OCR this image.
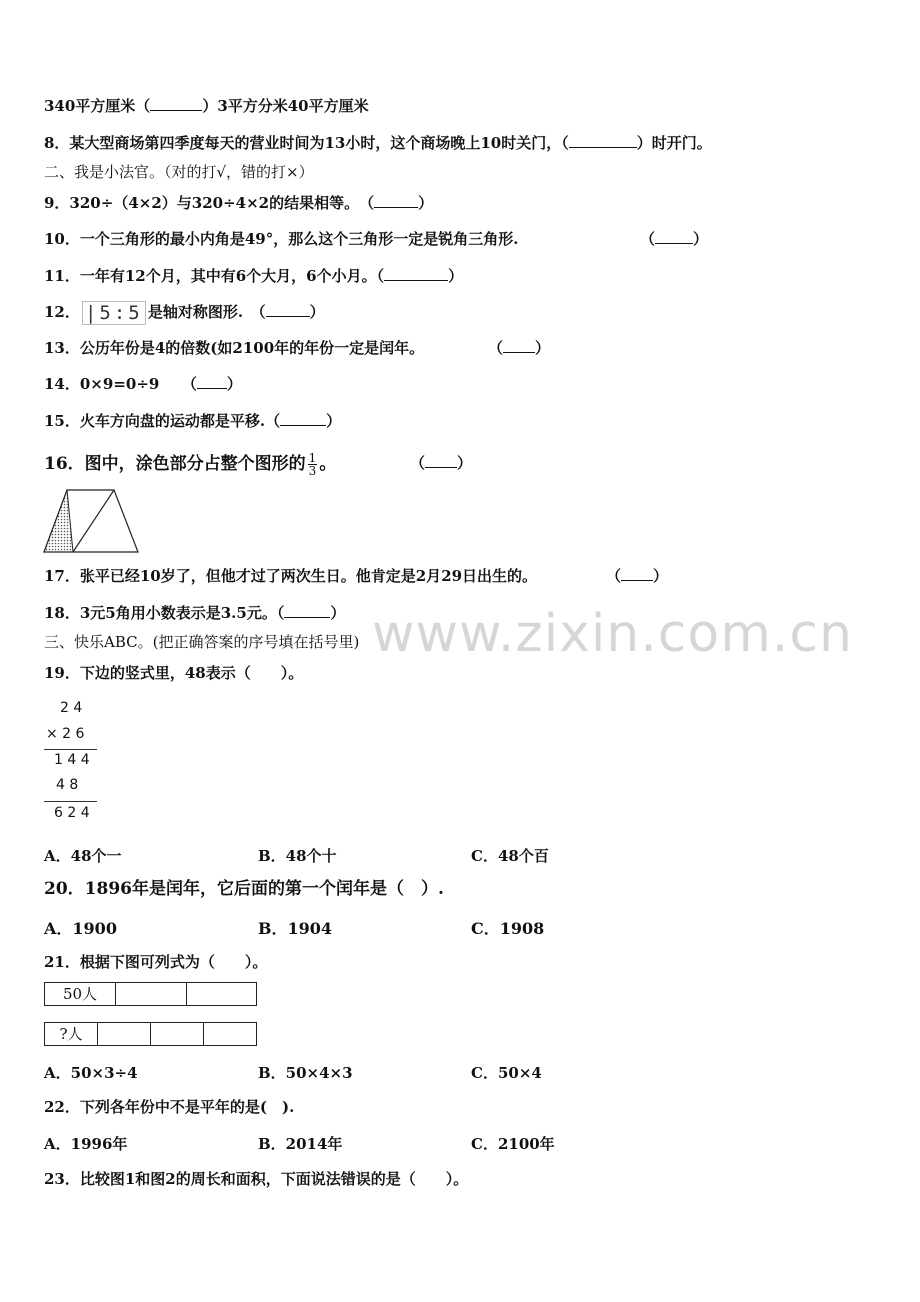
www.zixin.com.cn
340平方厘米（	）3平方分米40平方厘米
8．某大型商场第四季度每天的营业时间为13小时，这个商场晚上10时关门，（	）时开门。
二、我是小法官。（对的打√，错的打×）
9．320÷（4×2）与320÷4×2的结果相等。　（	）
10．一个三角形的最小内角是49°，那么这个三角形一定是锐角三角形.	（	）
11．一年有12个月，其中有6个大月，6个小月。（	）
12． |5:5 是轴对称图形.　（	）
13．公历年份是4的倍数(如2100年的年份一定是闰年。	（ ）
14．0×9=0÷9　　（ ）
15．火车方向盘的运动都是平移.（	）
16．图中，涂色部分占整个图形的 $\frac{1}{3}$ 。	（ ）
17．张平已经10岁了，但他才过了两次生日。他肯定是2月29日出生的。	（ ）
18．3元5角用小数表示是3.5元。（	）
三、快乐ABC。(把正确答案的序号填在括号里)
19．下边的竖式里，48表示（　　）。
2 4
× 2 6
1 4 4
4 8
6 2 4
A．48个一	B．48个十	C．48个百
20．1896年是闰年，它后面的第一个闰年是（　）.
A．1900	B．1904	C．1908
21．根据下图可列式为（　　）。
50人
?人
A．50×3÷4	B．50×4×3	C．50×4
22．下列各年份中不是平年的是(　).
A．1996年	B．2014年	C．2100年
23．比较图1和图2的周长和面积，下面说法错误的是（　　）。
